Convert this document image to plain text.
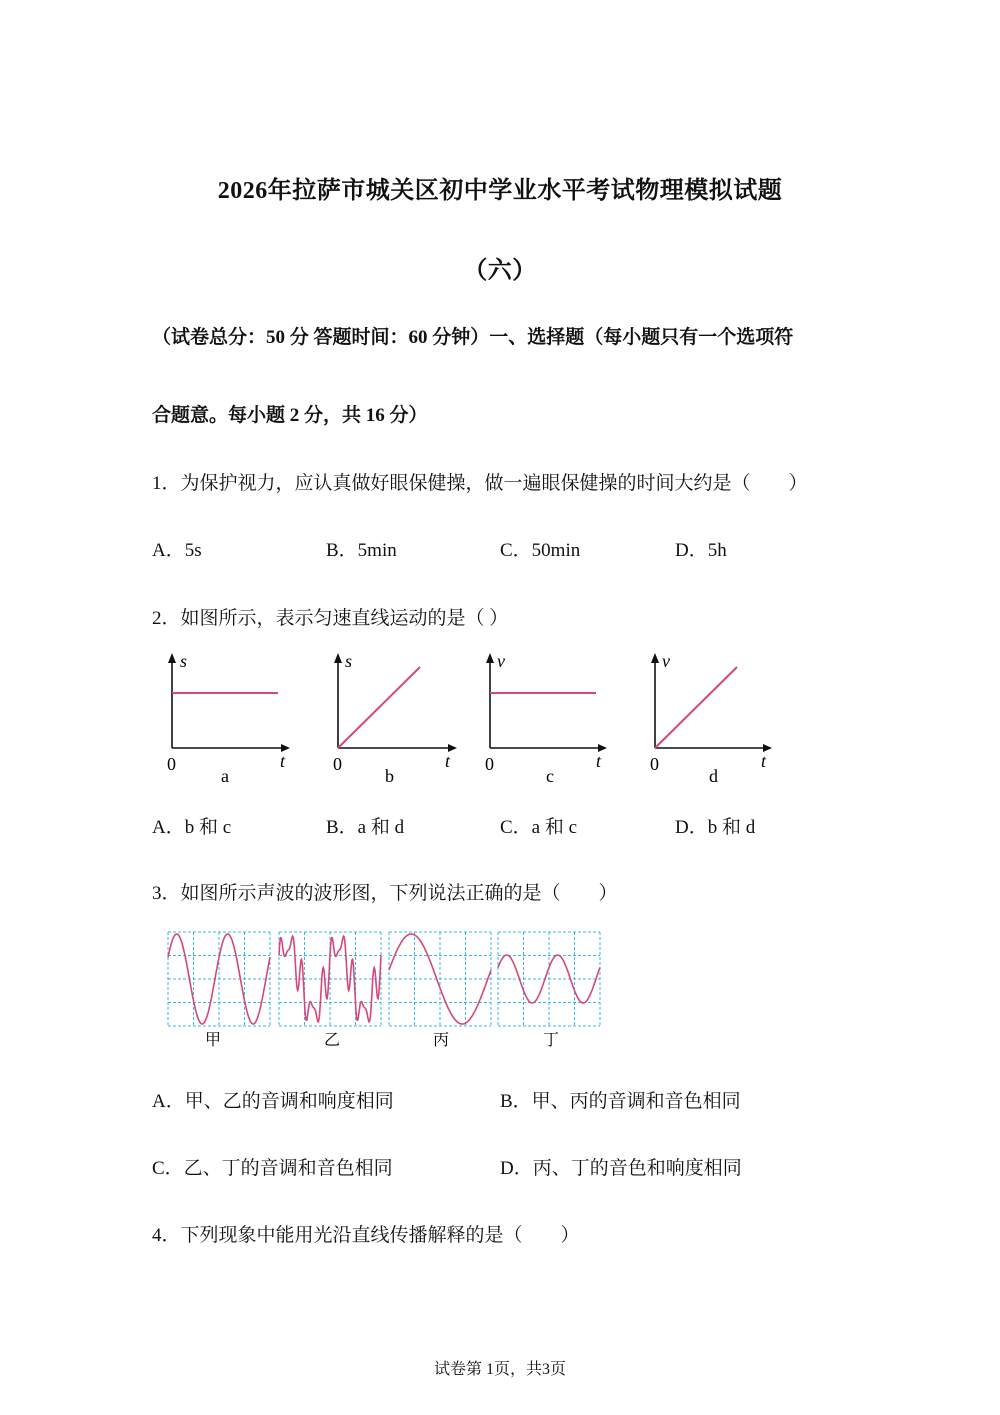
2026年拉萨市城关区初中学业水平考试物理模拟试题
（六）
（试卷总分：50 分 答题时间：60 分钟）一、选择题（每小题只有一个选项符
合题意。每小题 2 分，共 16 分）
1．为保护视力，应认真做好眼保健操，做一遍眼保健操的时间大约是（　　）
A．5s	B．5min	C．50min	D．5h
2．如图所示，表示匀速直线运动的是（ ）
s
t
0
a
s
t
0
b
v
t
0
c
v
t
0
d
A．b 和 c	B．a 和 d	C．a 和 c	D．b 和 d
3．如图所示声波的波形图，下列说法正确的是（　　）
甲	乙	丙	丁
A．甲、乙的音调和响度相同	B．甲、丙的音调和音色相同
C．乙、丁的音调和音色相同	D．丙、丁的音色和响度相同
4．下列现象中能用光沿直线传播解释的是（　　）
试卷第 1页，共3页
